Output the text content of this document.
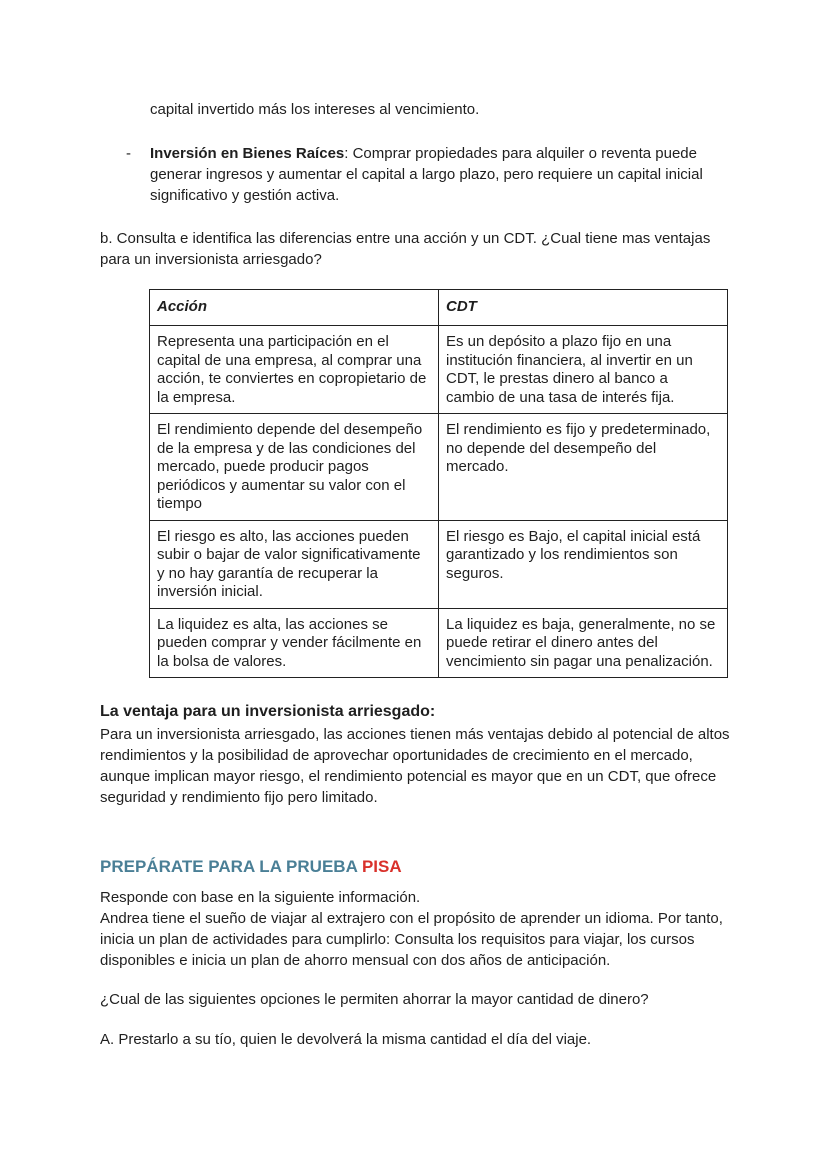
capital invertido más los intereses al vencimiento.
- Inversión en Bienes Raíces: Comprar propiedades para alquiler o reventa puede generar ingresos y aumentar el capital a largo plazo, pero requiere un capital inicial significativo y gestión activa.
b. Consulta e identifica las diferencias entre una acción y un CDT. ¿Cual tiene mas ventajas para un inversionista arriesgado?
Acción	CDT
Representa una participación en el capital de una empresa, al comprar una acción, te conviertes en copropietario de la empresa.	Es un depósito a plazo fijo en una institución financiera, al invertir en un CDT, le prestas dinero al banco a cambio de una tasa de interés fija.
El rendimiento depende del desempeño de la empresa y de las condiciones del mercado, puede producir pagos periódicos y aumentar su valor con el tiempo	El rendimiento es fijo y predeterminado, no depende del desempeño del mercado.
El riesgo es alto, las acciones pueden subir o bajar de valor significativamente y no hay garantía de recuperar la inversión inicial.	El riesgo es Bajo, el capital inicial está garantizado y los rendimientos son seguros.
La liquidez es alta, las acciones se pueden comprar y vender fácilmente en la bolsa de valores.	La liquidez es baja, generalmente, no se puede retirar el dinero antes del vencimiento sin pagar una penalización.
La ventaja para un inversionista arriesgado:
Para un inversionista arriesgado, las acciones tienen más ventajas debido al potencial de altos rendimientos y la posibilidad de aprovechar oportunidades de crecimiento en el mercado, aunque implican mayor riesgo, el rendimiento potencial es mayor que en un CDT, que ofrece seguridad y rendimiento fijo pero limitado.
PREPÁRATE PARA LA PRUEBA PISA
Responde con base en la siguiente información.
Andrea tiene el sueño de viajar al extrajero con el propósito de aprender un idioma. Por tanto, inicia un plan de actividades para cumplirlo: Consulta los requisitos para viajar, los cursos disponibles e inicia un plan de ahorro mensual con dos años de anticipación.
¿Cual de las siguientes opciones le permiten ahorrar la mayor cantidad de dinero?
A. Prestarlo a su tío, quien le devolverá la misma cantidad el día del viaje.
